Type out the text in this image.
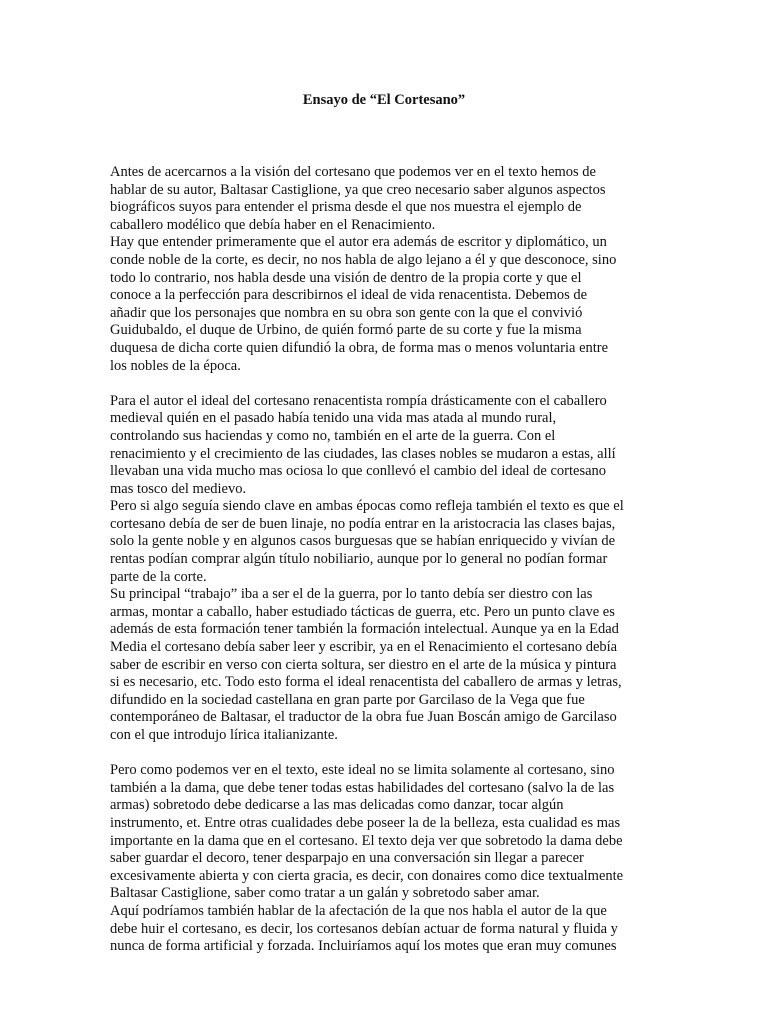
Ensayo de “El Cortesano”

Antes de acercarnos a la visión del cortesano que podemos ver en el texto hemos de

hablar de su autor, Baltasar Castiglione, ya que creo necesario saber algunos aspectos

biográficos suyos para entender el prisma desde el que nos muestra el ejemplo de

caballero modélico que debía haber en el Renacimiento.

Hay que entender primeramente que el autor era además de escritor y diplomático, un

conde noble de la corte, es decir, no nos habla de algo lejano a él y que desconoce, sino

todo lo contrario, nos habla desde una visión de dentro de la propia corte y que el

conoce a la perfección para describirnos el ideal de vida renacentista. Debemos de

añadir que los personajes que nombra en su obra son gente con la que el convivió

Guidubaldo, el duque de Urbino, de quién formó parte de su corte y fue la misma

duquesa de dicha corte quien difundió la obra, de forma mas o menos voluntaria entre

los nobles de la época.

Para el autor el ideal del cortesano renacentista rompía drásticamente con el caballero

medieval quién en el pasado había tenido una vida mas atada al mundo rural,

controlando sus haciendas y como no, también en el arte de la guerra. Con el

renacimiento y el crecimiento de las ciudades, las clases nobles se mudaron a estas, allí

llevaban una vida mucho mas ociosa lo que conllevó el cambio del ideal de cortesano

mas tosco del medievo.

Pero si algo seguía siendo clave en ambas épocas como refleja también el texto es que el

cortesano debía de ser de buen linaje, no podía entrar en la aristocracia las clases bajas,

solo la gente noble y en algunos casos burguesas que se habían enriquecido y vivían de

rentas podían comprar algún título nobiliario, aunque por lo general no podían formar

parte de la corte.

Su principal “trabajo” iba a ser el de la guerra, por lo tanto debía ser diestro con las

armas, montar a caballo, haber estudiado tácticas de guerra, etc. Pero un punto clave es

además de esta formación tener también la formación intelectual. Aunque ya en la Edad

Media el cortesano debía saber leer y escribir, ya en el Renacimiento el cortesano debía

saber de escribir en verso con cierta soltura, ser diestro en el arte de la música y pintura

si es necesario, etc. Todo esto forma el ideal renacentista del caballero de armas y letras,

difundido en la sociedad castellana en gran parte por Garcilaso de la Vega que fue

contemporáneo de Baltasar, el traductor de la obra fue Juan Boscán amigo de Garcilaso

con el que introdujo lírica italianizante.

Pero como podemos ver en el texto, este ideal no se limita solamente al cortesano, sino

también a la dama, que debe tener todas estas habilidades del cortesano (salvo la de las

armas) sobretodo debe dedicarse a las mas delicadas como danzar, tocar algún

instrumento, et. Entre otras cualidades debe poseer la de la belleza, esta cualidad es mas

importante en la dama que en el cortesano. El texto deja ver que sobretodo la dama debe

saber guardar el decoro, tener desparpajo en una conversación sin llegar a parecer

excesivamente abierta y con cierta gracia, es decir, con donaires como dice textualmente

Baltasar Castiglione, saber como tratar a un galán y sobretodo saber amar.

Aquí podríamos también hablar de la afectación de la que nos habla el autor de la que

debe huir el cortesano, es decir, los cortesanos debían actuar de forma natural y fluida y

nunca de forma artificial y forzada. Incluiríamos aquí los motes que eran muy comunes
